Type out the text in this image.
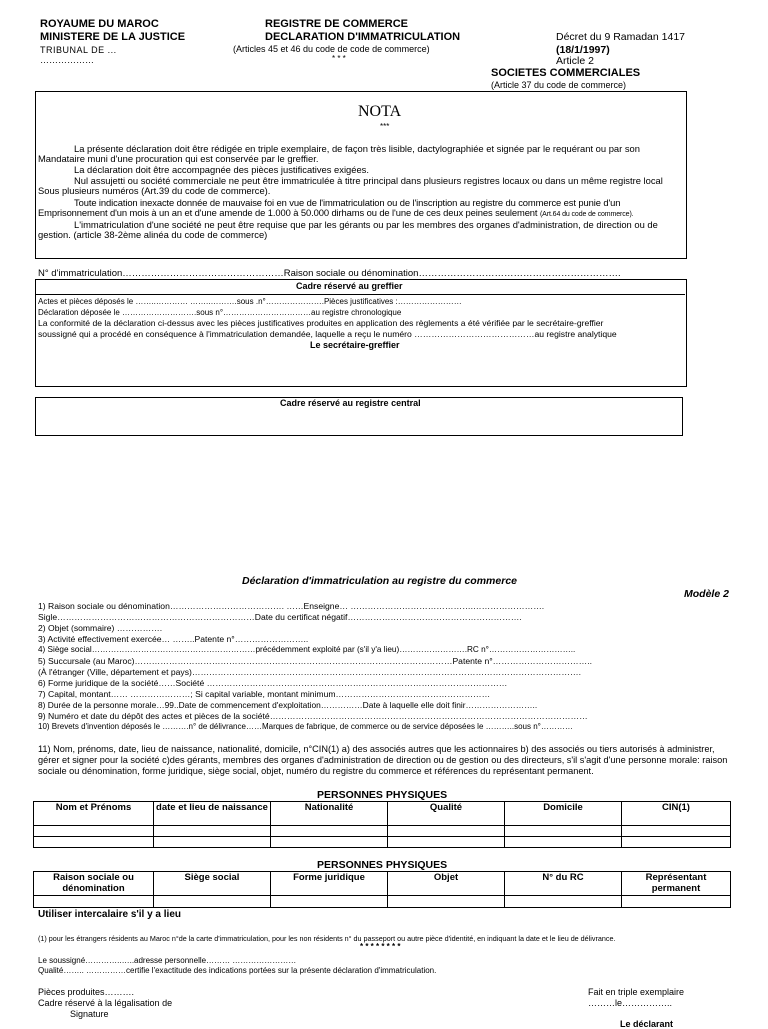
ROYAUME DU MAROC
MINISTERE DE LA JUSTICE
TRIBUNAL DE ...
………………
REGISTRE DE COMMERCE
DECLARATION D'IMMATRICULATION
(Articles 45 et 46 du code de code de commerce)
* * *
Décret du 9 Ramadan 1417
(18/1/1997)
Article 2
SOCIETES COMMERCIALES
(Article 37 du code de commerce)
NOTA
***
La présente déclaration doit être rédigée en triple exemplaire, de façon très lisible, dactylographiée et signée par le requérant ou par son Mandataire muni d'une procuration qui est conservée par le greffier.
La déclaration doit être accompagnée des pièces justificatives exigées.
Nul assujetti ou société commerciale ne peut être immatriculée à titre principal dans plusieurs registres locaux ou dans un même registre local Sous plusieurs numéros (Art.39 du code de commerce).
Toute indication inexacte donnée de mauvaise foi en vue de l'immatriculation ou de l'inscription au registre du commerce est punie d'un Emprisonnement d'un mois à un an et d'une amende de 1.000 à 50.000 dirhams ou de l'une de ces deux peines seulement (Art.64 du code de commerce).
L'immatriculation d'une société ne peut être requise que par les gérants ou par les membres des organes d'administration, de direction ou de gestion. (article 38-2ème alinéa du code de commerce)
N° d'immatriculation……………………………………………Raison sociale ou dénomination……………………………………………………….
Cadre réservé au greffier
Actes et pièces déposés le ……..………… ……..……….sous .n°………………….Pièces justificatives :……………………
Déclaration déposée le ……………………….sous n°……………………………au registre chronologique
La conformité de la déclaration ci-dessus avec les pièces justificatives produites en application des règlements a été vérifiée par le secrétaire-greffier
soussigné qui a procédé en conséquence à l'immatriculation demandée, laquelle a reçu le numéro ……………………………………au registre analytique
Le secrétaire-greffier
Cadre réservé au registre central
Déclaration d'immatriculation au registre du commerce
Modèle 2
1) Raison sociale ou dénomination…………………………………. ……Enseigne… …………………………………….…………………….
Sigle……………………………………………………………Date du certificat négatif…………………………………………………….
2) Objet (sommaire) …………….
3) Activité effectivement exercée… ……..Patente n°……………………..
4) Siège social……………………………………………………précédemment exploité par (s'il y'a lieu)…………………….RC n°…………………………..
5) Succursale (au Maroc)…………………………………………………………………………………………………Patente n°……………………………..
(À l'étranger (Ville, département et pays)……………………………………………………………………………………………………………………….
6) Forme juridique de la société……Société ……………………………………………………………………………………………
7) Capital, montant…… …………………; Si capital variable, montant minimum………………………………………………
8) Durée de la personne morale…99..Date de commencement d'exploitation……………Date à laquelle elle doit finir……………………..
9) Numéro et date du dépôt des actes et pièces de la société…………………………………………………………………………………………………
10) Brevets d'invention déposés le ……….n° de délivrance……Marques de fabrique, de commerce ou de service déposées le ………..sous n°…………
11) Nom, prénoms, date, lieu de naissance, nationalité, domicile, n°CIN(1) a) des associés autres que les actionnaires b) des associés ou tiers autorisés à administrer, gérer et signer pour la société c)des gérants, membres des organes d'administration de direction ou de gestion ou des directeurs, s'il s'agit d'une personne morale: raison sociale ou dénomination, forme juridique, siège social, objet, numéro du registre du commerce et références du représentant permanent.
PERSONNES PHYSIQUES
Nom et Prénoms	date et lieu de naissance	Nationalité	Qualité	Domicile	CIN(1)

PERSONNES PHYSIQUES
Raison sociale ou dénomination	Siège social	Forme juridique	Objet	N° du RC	Représentant permanent

Utiliser intercalaire s'il y a lieu
(1) pour les étrangers résidents au Maroc n°de la carte d'immatriculation, pour les non résidents n° du passeport ou autre pièce d'identité, en indiquant la date et le lieu de délivrance.
* * * * * * * *
Le soussigné…………..…..adresse personnelle……… ……………………
Qualité…….. ……………certifie l'exactitude des indications portées sur la présente déclaration d'immatriculation.
Pièces produites……….
Cadre réservé à la légalisation de
Signature
Fait en triple exemplaire
………le……………..
Le déclarant
